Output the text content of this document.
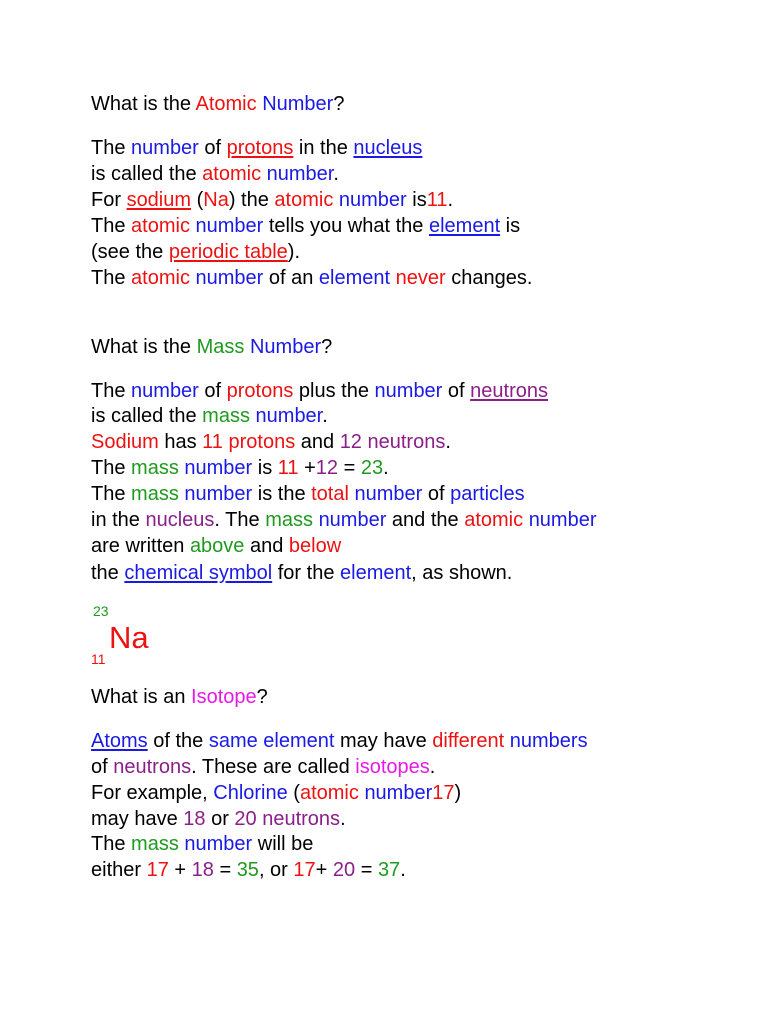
What is the Atomic Number?
The number of protons in the nucleus
is called the atomic number.
For sodium (Na) the atomic number is11.
The atomic number tells you what the element is
(see the periodic table).
The atomic number of an element never changes.
What is the Mass Number?
The number of protons plus the number of neutrons
is called the mass number.
Sodium has 11 protons and 12 neutrons.
The mass number is 11 +12 = 23.
The mass number is the total number of particles
in the nucleus. The mass number and the atomic number
are written above and below
the chemical symbol for the element, as shown.
What is an Isotope?
Atoms of the same element may have different numbers
of neutrons. These are called isotopes.
For example, Chlorine (atomic number17)
may have 18 or 20 neutrons.
The mass number will be
either 17 + 18 = 35, or 17+ 20 = 37.
23
Na
11
